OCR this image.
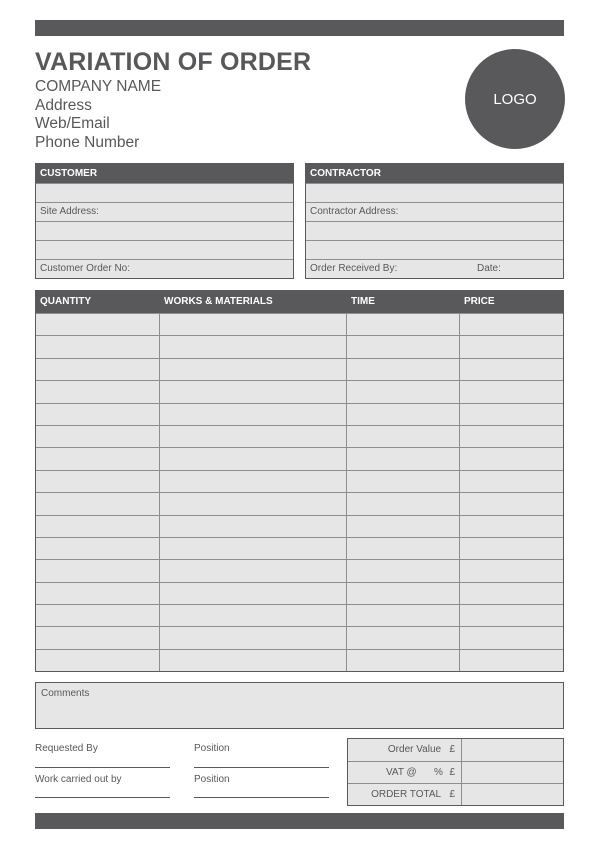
VARIATION OF ORDER
COMPANY NAME
Address
Web/Email
Phone Number
LOGO
CUSTOMER
Site Address:
Customer Order No:
CONTRACTOR
Contractor Address:
Order Received By:	Date:
QUANTITY	WORKS & MATERIALS	TIME	PRICE
Comments
Requested By	Position
Work carried out by	Position
Order Value £
VAT @ % £
ORDER TOTAL £
